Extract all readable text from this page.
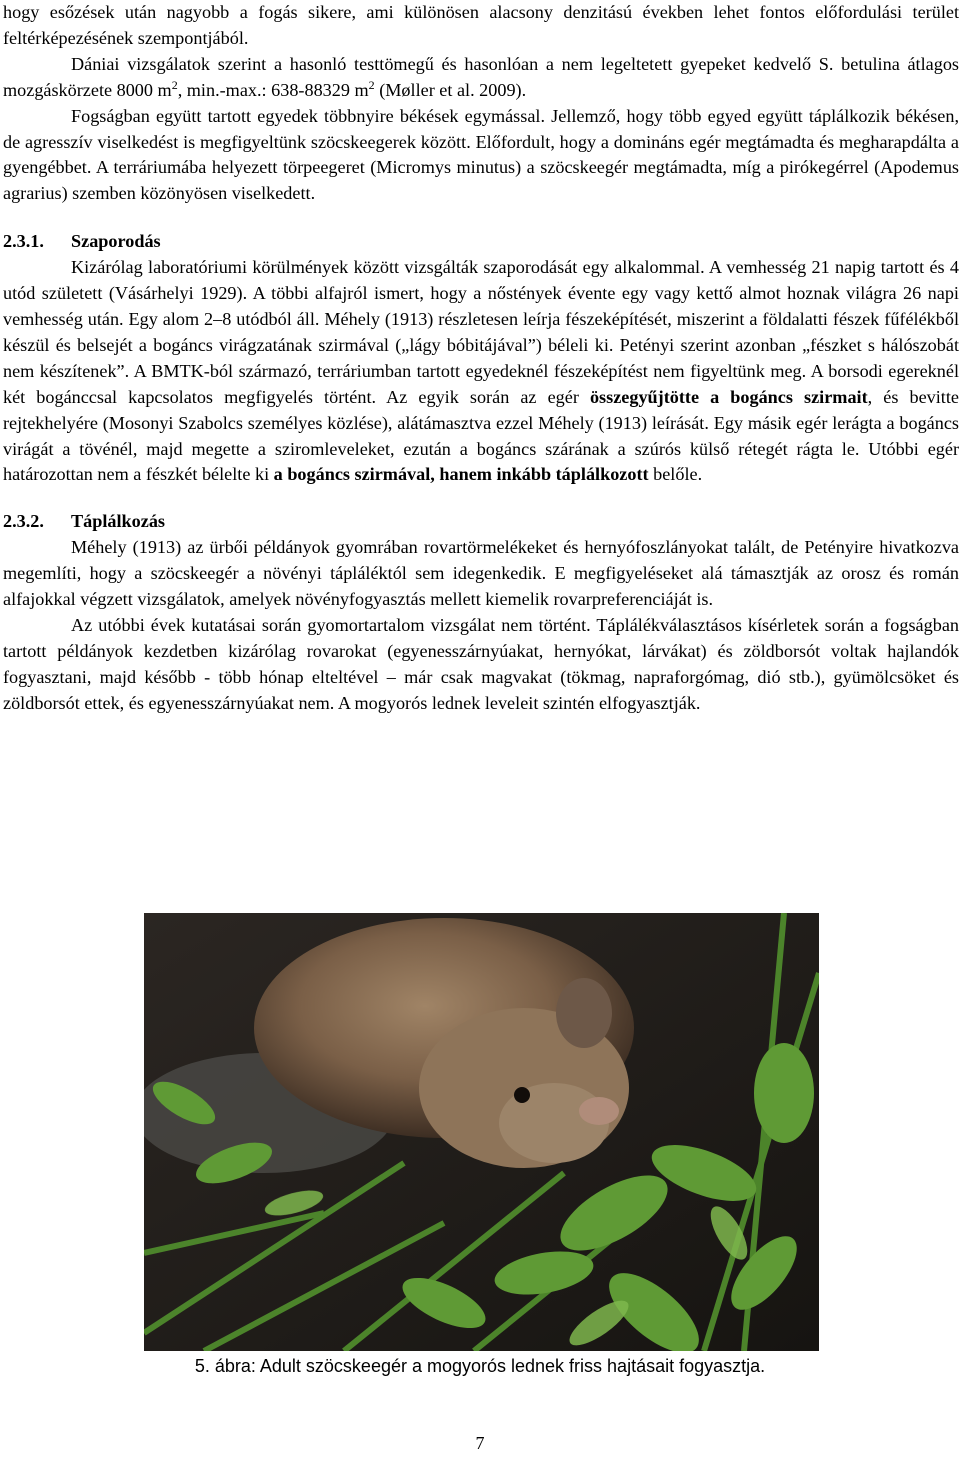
hogy esőzések után nagyobb a fogás sikere, ami különösen alacsony denzitású években lehet fontos előfordulási terület feltérképezésének szempontjából.

Dániai vizsgálatok szerint a hasonló testtömegű és hasonlóan a nem legeltetett gyepeket kedvelő S. betulina átlagos mozgáskörzete 8000 $m^2$, min.-max.: 638-88329 $m^2$ (Møller et al. 2009).

Fogságban együtt tartott egyedek többnyire békések egymással. Jellemző, hogy több egyed együtt táplálkozik békésen, de agresszív viselkedést is megfigyeltünk szöcskeegerek között. Előfordult, hogy a domináns egér megtámadta és megharapdálta a gyengébbet. A terráriumába helyezett törpeegeret (Micromys minutus) a szöcskeegér megtámadta, míg a pirókegérrel (Apodemus agrarius) szemben közönyösen viselkedett.

2.3.1. Szaporodás

Kizárólag laboratóriumi körülmények között vizsgálták szaporodását egy alkalommal. A vemhesség 21 napig tartott és 4 utód született (Vásárhelyi 1929). A többi alfajról ismert, hogy a nőstények évente egy vagy kettő almot hoznak világra 26 napi vemhesség után. Egy alom 2–8 utódból áll. Méhely (1913) részletesen leírja fészeképítését, miszerint a földalatti fészek fűfélékből készül és belsejét a bogáncs virágzatának szirmával („lágy bóbitájával”) béleli ki. Petényi szerint azonban „fészket s hálószobát nem készítenek”. A BMTK-ból származó, terráriumban tartott egyedeknél fészeképítést nem figyeltünk meg. A borsodi egereknél két bogánccsal kapcsolatos megfigyelés történt. Az egyik során az egér összegyűjtötte a bogáncs szirmait, és bevitte rejtekhelyére (Mosonyi Szabolcs személyes közlése), alátámasztva ezzel Méhely (1913) leírását. Egy másik egér lerágta a bogáncs virágát a tövénél, majd megette a sziromleveleket, ezután a bogáncs szárának a szúrós külső rétegét rágta le. Utóbbi egér határozottan nem a fészkét bélelte ki a bogáncs szirmával, hanem inkább táplálkozott belőle.

2.3.2. Táplálkozás

Méhely (1913) az ürbői példányok gyomrában rovartörmelékeket és hernyófoszlányokat talált, de Petényire hivatkozva megemlíti, hogy a szöcskeegér a növényi tápláléktól sem idegenkedik. E megfigyeléseket alá támasztják az orosz és román alfajokkal végzett vizsgálatok, amelyek növényfogyasztás mellett kiemelik rovarpreferenciáját is.

Az utóbbi évek kutatásai során gyomortartalom vizsgálat nem történt. Táplálékválasztásos kísérletek során a fogságban tartott példányok kezdetben kizárólag rovarokat (egyenesszárnyúakat, hernyókat, lárvákat) és zöldborsót voltak hajlandók fogyasztani, majd később - több hónap elteltével – már csak magvakat (tökmag, napraforgómag, dió stb.), gyümölcsöket és zöldborsót ettek, és egyenesszárnyúakat nem. A mogyorós lednek leveleit szintén elfogyasztják.

5. ábra: Adult szöcskeegér a mogyorós lednek friss hajtásait fogyasztja.
7
